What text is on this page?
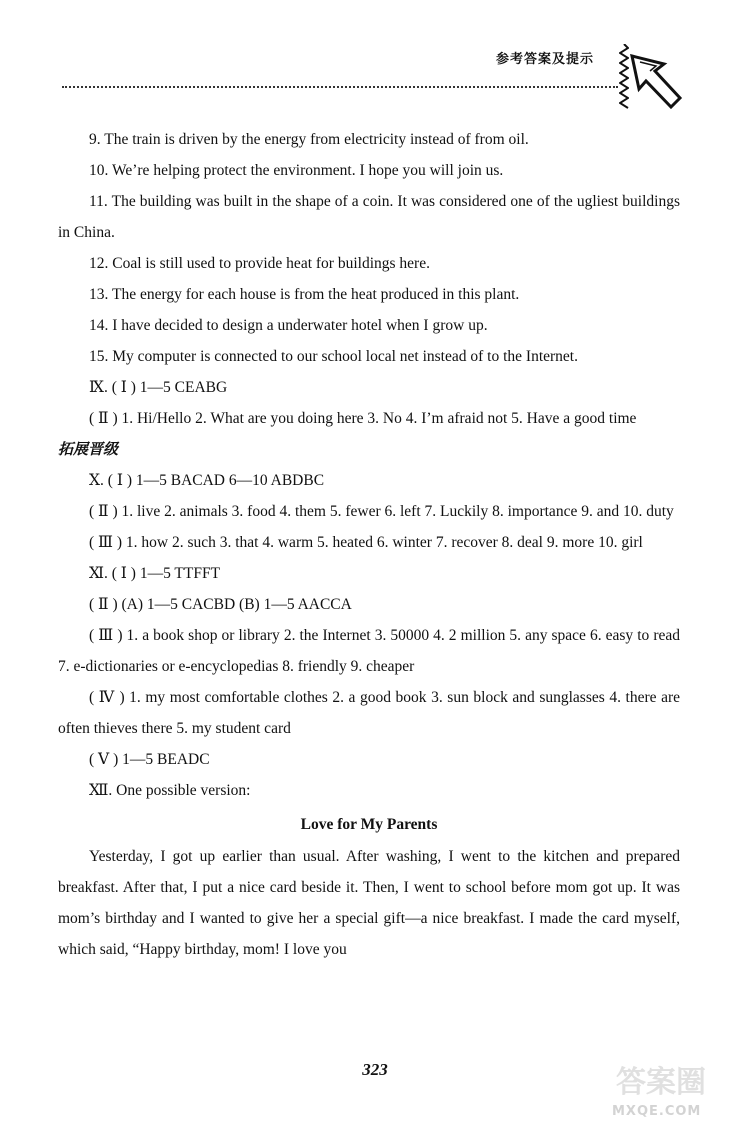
参考答案及提示

9. The train is driven by the energy from electricity instead of from oil.

10. We’re helping protect the environment. I hope you will join us.

11. The building was built in the shape of a coin. It was considered one of the ugliest buildings in China.

12. Coal is still used to provide heat for buildings here.

13. The energy for each house is from the heat produced in this plant.

14. I have decided to design a underwater hotel when I grow up.

15. My computer is connected to our school local net instead of to the Internet.

Ⅸ. ( Ⅰ ) 1—5 CEABG

( Ⅱ ) 1. Hi/Hello 2. What are you doing here 3. No 4. I’m afraid not 5. Have a good time

拓展晋级

Ⅹ. ( Ⅰ ) 1—5 BACAD 6—10 ABDBC

( Ⅱ ) 1. live 2. animals 3. food 4. them 5. fewer 6. left 7. Luckily 8. importance 9. and 10. duty

( Ⅲ ) 1. how 2. such 3. that 4. warm 5. heated 6. winter 7. recover 8. deal 9. more 10. girl

Ⅺ. ( Ⅰ ) 1—5 TTFFT

( Ⅱ ) (A) 1—5 CACBD (B) 1—5 AACCA

( Ⅲ ) 1. a book shop or library 2. the Internet 3. 50000 4. 2 million 5. any space 6. easy to read 7. e-dictionaries or e-encyclopedias 8. friendly 9. cheaper

( Ⅳ ) 1. my most comfortable clothes 2. a good book 3. sun block and sunglasses 4. there are often thieves there 5. my student card

( Ⅴ ) 1—5 BEADC

Ⅻ. One possible version:

Love for My Parents

Yesterday, I got up earlier than usual. After washing, I went to the kitchen and prepared breakfast. After that, I put a nice card beside it. Then, I went to school before mom got up. It was mom’s birthday and I wanted to give her a special gift—a nice breakfast. I made the card myself, which said, “Happy birthday, mom! I love you

323	答案圈
MXQE.COM
